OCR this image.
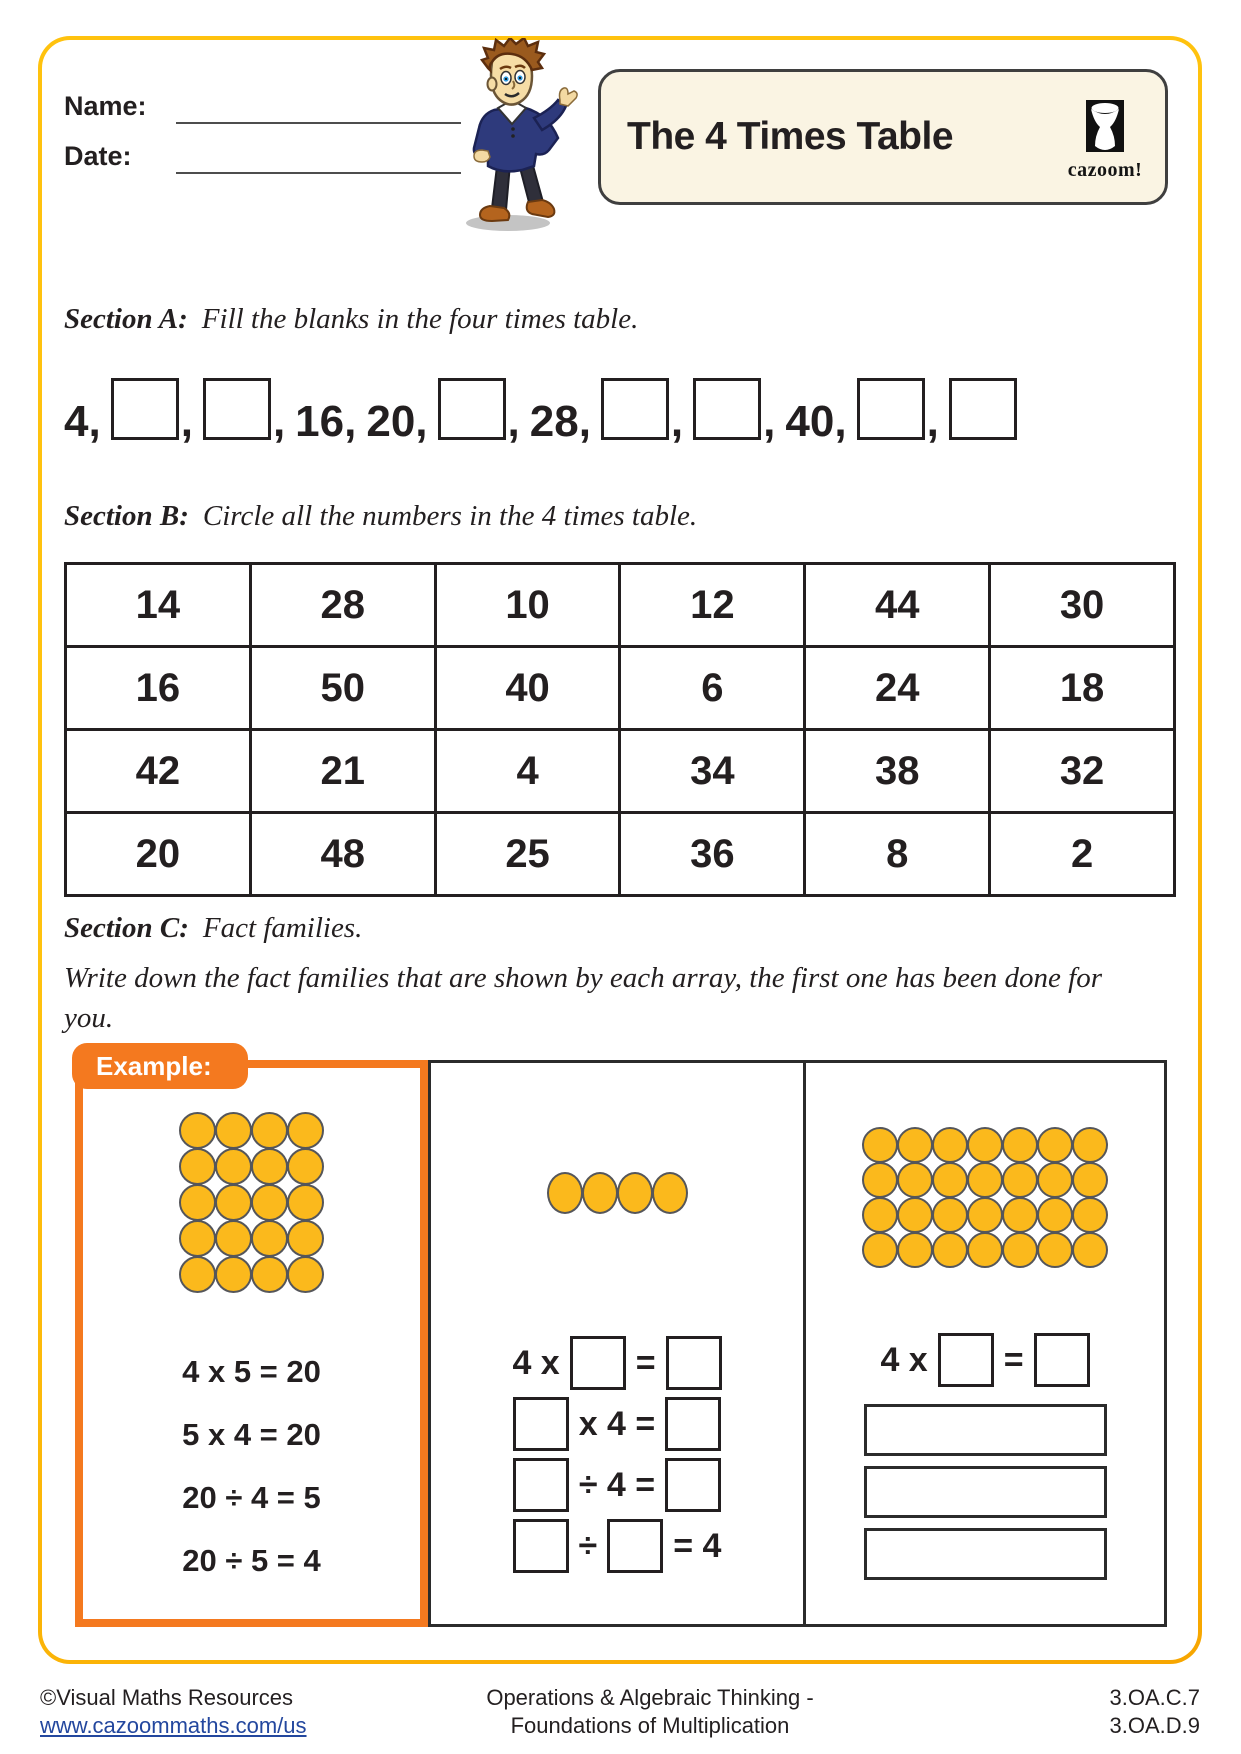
Name:
Date:	The 4 Times Table
cazoom!
Section A: Fill the blanks in the four times table.
4, , , 16, 20, , 28, , , 40, ,
Section B: Circle all the numbers in the 4 times table.
14	28	10	12	44	30
16	50	40	6	24	18
42	21	4	34	38	32
20	48	25	36	8	2
Section C: Fact families.
Write down the fact families that are shown by each array, the first one has been done for you.
Example:
4 x 5 = 20
5 x 4 = 20
20 ÷ 4 = 5
20 ÷ 5 = 4
4 x =
x 4 =
÷ 4 =
÷ = 4
4 x =
©Visual Maths Resources
www.cazoommaths.com/us
Operations & Algebraic Thinking -
Foundations of Multiplication
3.OA.C.7
3.OA.D.9
